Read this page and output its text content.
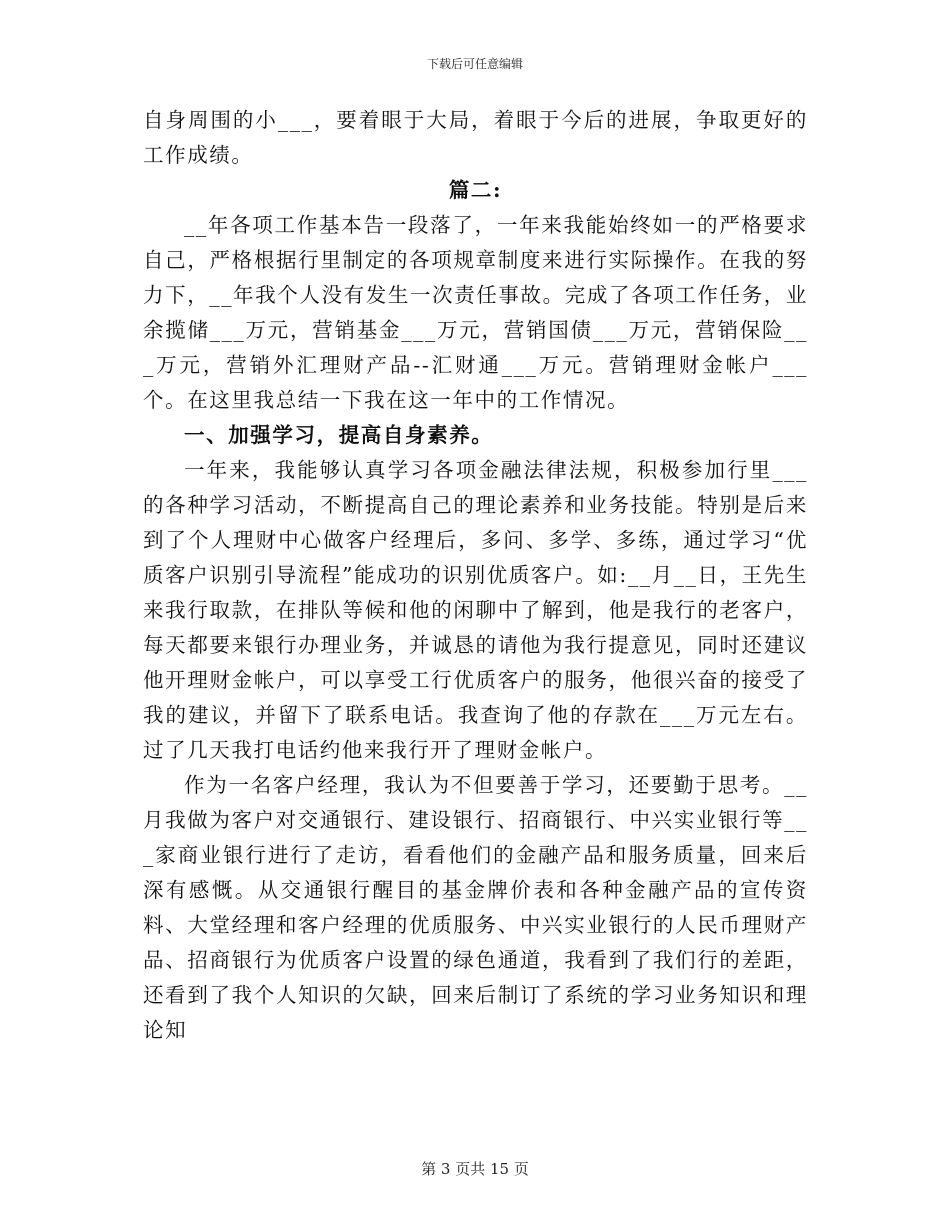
下载后可任意编辑

自身周围的小___，要着眼于大局，着眼于今后的进展，争取更好的工作成绩。

篇二:

__年各项工作基本告一段落了，一年来我能始终如一的严格要求自己，严格根据行里制定的各项规章制度来进行实际操作。在我的努力下，__年我个人没有发生一次责任事故。完成了各项工作任务，业余揽储___万元，营销基金___万元，营销国债___万元，营销保险___万元，营销外汇理财产品--汇财通___万元。营销理财金帐户___个。在这里我总结一下我在这一年中的工作情况。

一、加强学习，提高自身素养。

一年来，我能够认真学习各项金融法律法规，积极参加行里___的各种学习活动，不断提高自己的理论素养和业务技能。特别是后来到了个人理财中心做客户经理后，多问、多学、多练，通过学习“优质客户识别引导流程”能成功的识别优质客户。如:__月__日，王先生来我行取款，在排队等候和他的闲聊中了解到，他是我行的老客户，每天都要来银行办理业务，并诚恳的请他为我行提意见，同时还建议他开理财金帐户，可以享受工行优质客户的服务，他很兴奋的接受了我的建议，并留下了联系电话。我查询了他的存款在___万元左右。过了几天我打电话约他来我行开了理财金帐户。

作为一名客户经理，我认为不但要善于学习，还要勤于思考。__月我做为客户对交通银行、建设银行、招商银行、中兴实业银行等___家商业银行进行了走访，看看他们的金融产品和服务质量，回来后深有感慨。从交通银行醒目的基金牌价表和各种金融产品的宣传资料、大堂经理和客户经理的优质服务、中兴实业银行的人民币理财产品、招商银行为优质客户设置的绿色通道，我看到了我们行的差距，还看到了我个人知识的欠缺，回来后制订了系统的学习业务知识和理论知

第 3 页共 15 页
